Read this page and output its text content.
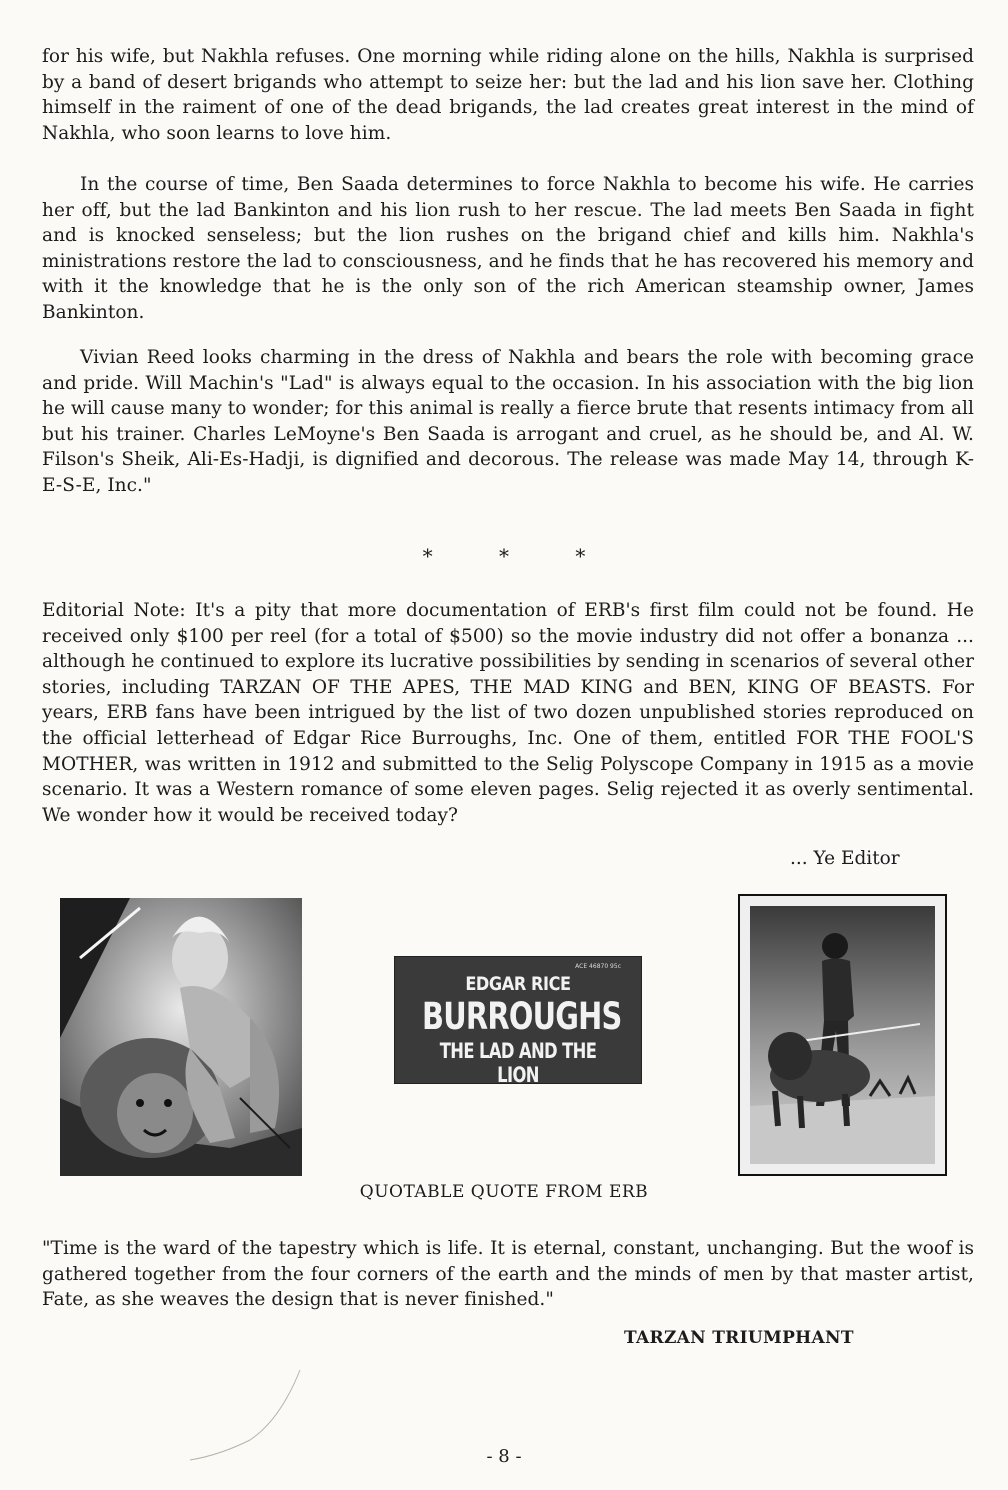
for his wife, but Nakhla refuses. One morning while riding alone on the hills, Nakhla is surprised by a band of desert brigands who attempt to seize her: but the lad and his lion save her. Clothing himself in the raiment of one of the dead brigands, the lad creates great interest in the mind of Nakhla, who soon learns to love him.

In the course of time, Ben Saada determines to force Nakhla to become his wife. He carries her off, but the lad Bankinton and his lion rush to her rescue. The lad meets Ben Saada in fight and is knocked senseless; but the lion rushes on the brigand chief and kills him. Nakhla's ministrations restore the lad to consciousness, and he finds that he has recovered his memory and with it the knowledge that he is the only son of the rich American steamship owner, James Bankinton.

Vivian Reed looks charming in the dress of Nakhla and bears the role with becoming grace and pride. Will Machin's "Lad" is always equal to the occasion. In his association with the big lion he will cause many to wonder; for this animal is really a fierce brute that resents intimacy from all but his trainer. Charles LeMoyne's Ben Saada is arrogant and cruel, as he should be, and Al. W. Filson's Sheik, Ali-Es-Hadji, is dignified and decorous. The release was made May 14, through K-E-S-E, Inc."

* * *

Editorial Note: It's a pity that more documentation of ERB's first film could not be found. He received only $100 per reel (for a total of $500) so the movie industry did not offer a bonanza ... although he continued to explore its lucrative possibilities by sending in scenarios of several other stories, including TARZAN OF THE APES, THE MAD KING and BEN, KING OF BEASTS. For years, ERB fans have been intrigued by the list of two dozen unpublished stories reproduced on the official letterhead of Edgar Rice Burroughs, Inc. One of them, entitled FOR THE FOOL'S MOTHER, was written in 1912 and submitted to the Selig Polyscope Company in 1915 as a movie scenario. It was a Western romance of some eleven pages. Selig rejected it as overly sentimental. We wonder how it would be received today?

... Ye Editor
ACE 46870 95c
EDGAR RICE
BURROUGHS
THE LAD AND THE LION
QUOTABLE QUOTE FROM ERB

"Time is the ward of the tapestry which is life. It is eternal, constant, unchanging. But the woof is gathered together from the four corners of the earth and the minds of men by that master artist, Fate, as she weaves the design that is never finished."

TARZAN TRIUMPHANT
- 8 -
